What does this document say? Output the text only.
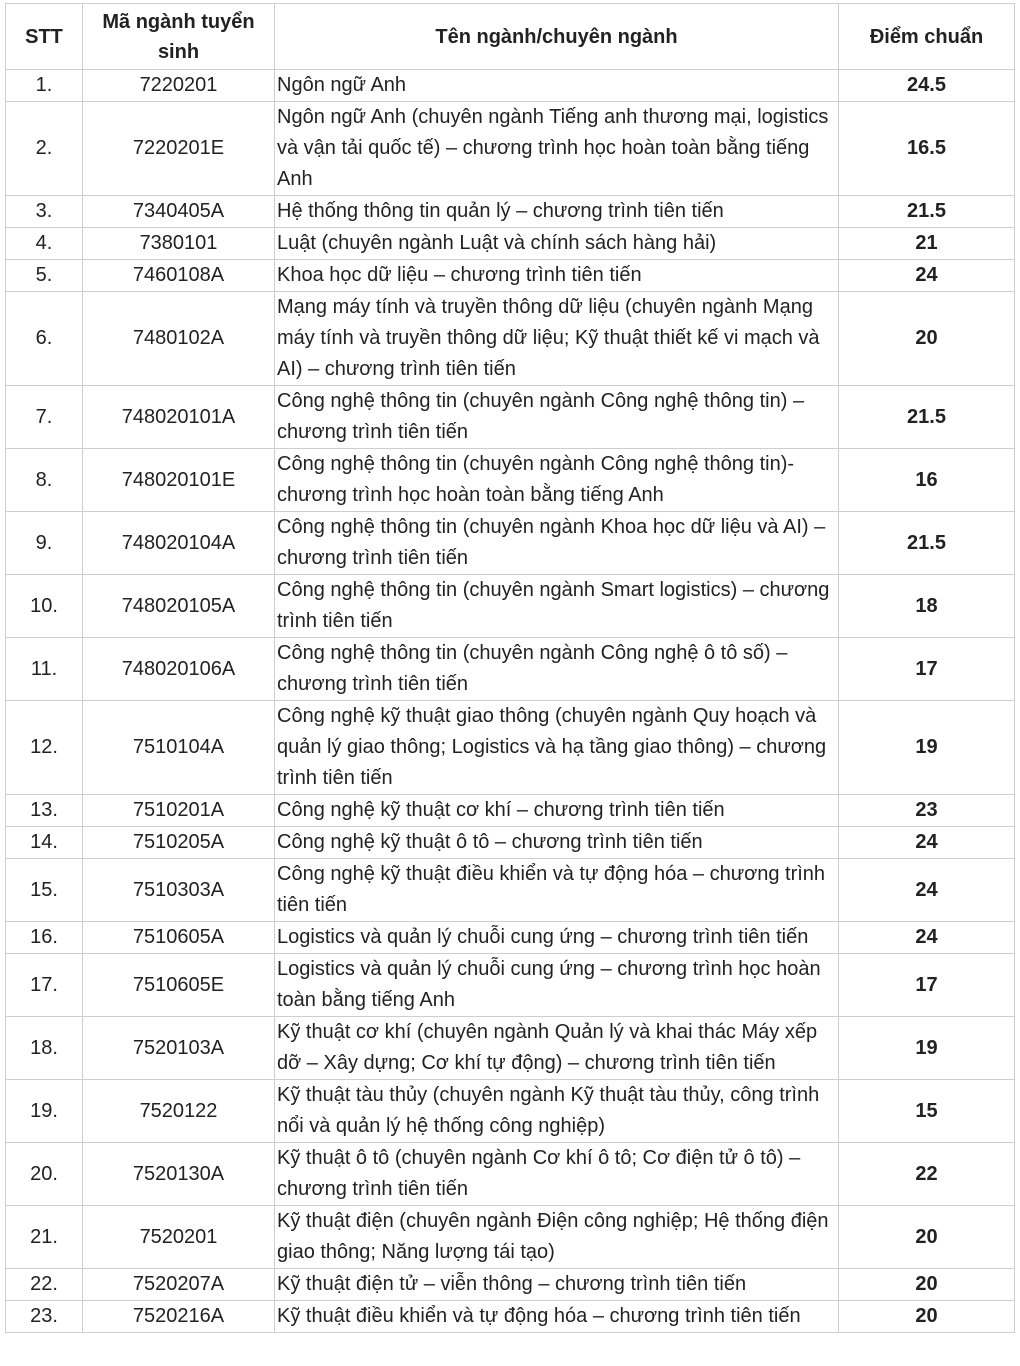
STT	Mã ngành tuyển sinh	Tên ngành/chuyên ngành	Điểm chuẩn
1.	7220201	Ngôn ngữ Anh	24.5
2.	7220201E	Ngôn ngữ Anh (chuyên ngành Tiếng anh thương mại, logistics và vận tải quốc tế) – chương trình học hoàn toàn bằng tiếng Anh	16.5
3.	7340405A	Hệ thống thông tin quản lý – chương trình tiên tiến	21.5
4.	7380101	Luật (chuyên ngành Luật và chính sách hàng hải)	21
5.	7460108A	Khoa học dữ liệu – chương trình tiên tiến	24
6.	7480102A	Mạng máy tính và truyền thông dữ liệu (chuyên ngành Mạng máy tính và truyền thông dữ liệu; Kỹ thuật thiết kế vi mạch và AI) – chương trình tiên tiến	20
7.	748020101A	Công nghệ thông tin (chuyên ngành Công nghệ thông tin) – chương trình tiên tiến	21.5
8.	748020101E	Công nghệ thông tin (chuyên ngành Công nghệ thông tin)- chương trình học hoàn toàn bằng tiếng Anh	16
9.	748020104A	Công nghệ thông tin (chuyên ngành Khoa học dữ liệu và AI) – chương trình tiên tiến	21.5
10.	748020105A	Công nghệ thông tin (chuyên ngành Smart logistics) – chương trình tiên tiến	18
11.	748020106A	Công nghệ thông tin (chuyên ngành Công nghệ ô tô số) – chương trình tiên tiến	17
12.	7510104A	Công nghệ kỹ thuật giao thông (chuyên ngành Quy hoạch và quản lý giao thông; Logistics và hạ tầng giao thông) – chương trình tiên tiến	19
13.	7510201A	Công nghệ kỹ thuật cơ khí – chương trình tiên tiến	23
14.	7510205A	Công nghệ kỹ thuật ô tô – chương trình tiên tiến	24
15.	7510303A	Công nghệ kỹ thuật điều khiển và tự động hóa – chương trình tiên tiến	24
16.	7510605A	Logistics và quản lý chuỗi cung ứng – chương trình tiên tiến	24
17.	7510605E	Logistics và quản lý chuỗi cung ứng – chương trình học hoàn toàn bằng tiếng Anh	17
18.	7520103A	Kỹ thuật cơ khí (chuyên ngành Quản lý và khai thác Máy xếp dỡ – Xây dựng; Cơ khí tự động) – chương trình tiên tiến	19
19.	7520122	Kỹ thuật tàu thủy (chuyên ngành Kỹ thuật tàu thủy, công trình nổi và quản lý hệ thống công nghiệp)	15
20.	7520130A	Kỹ thuật ô tô (chuyên ngành Cơ khí ô tô; Cơ điện tử ô tô) – chương trình tiên tiến	22
21.	7520201	Kỹ thuật điện (chuyên ngành Điện công nghiệp; Hệ thống điện giao thông; Năng lượng tái tạo)	20
22.	7520207A	Kỹ thuật điện tử – viễn thông – chương trình tiên tiến	20
23.	7520216A	Kỹ thuật điều khiển và tự động hóa – chương trình tiên tiến	20
